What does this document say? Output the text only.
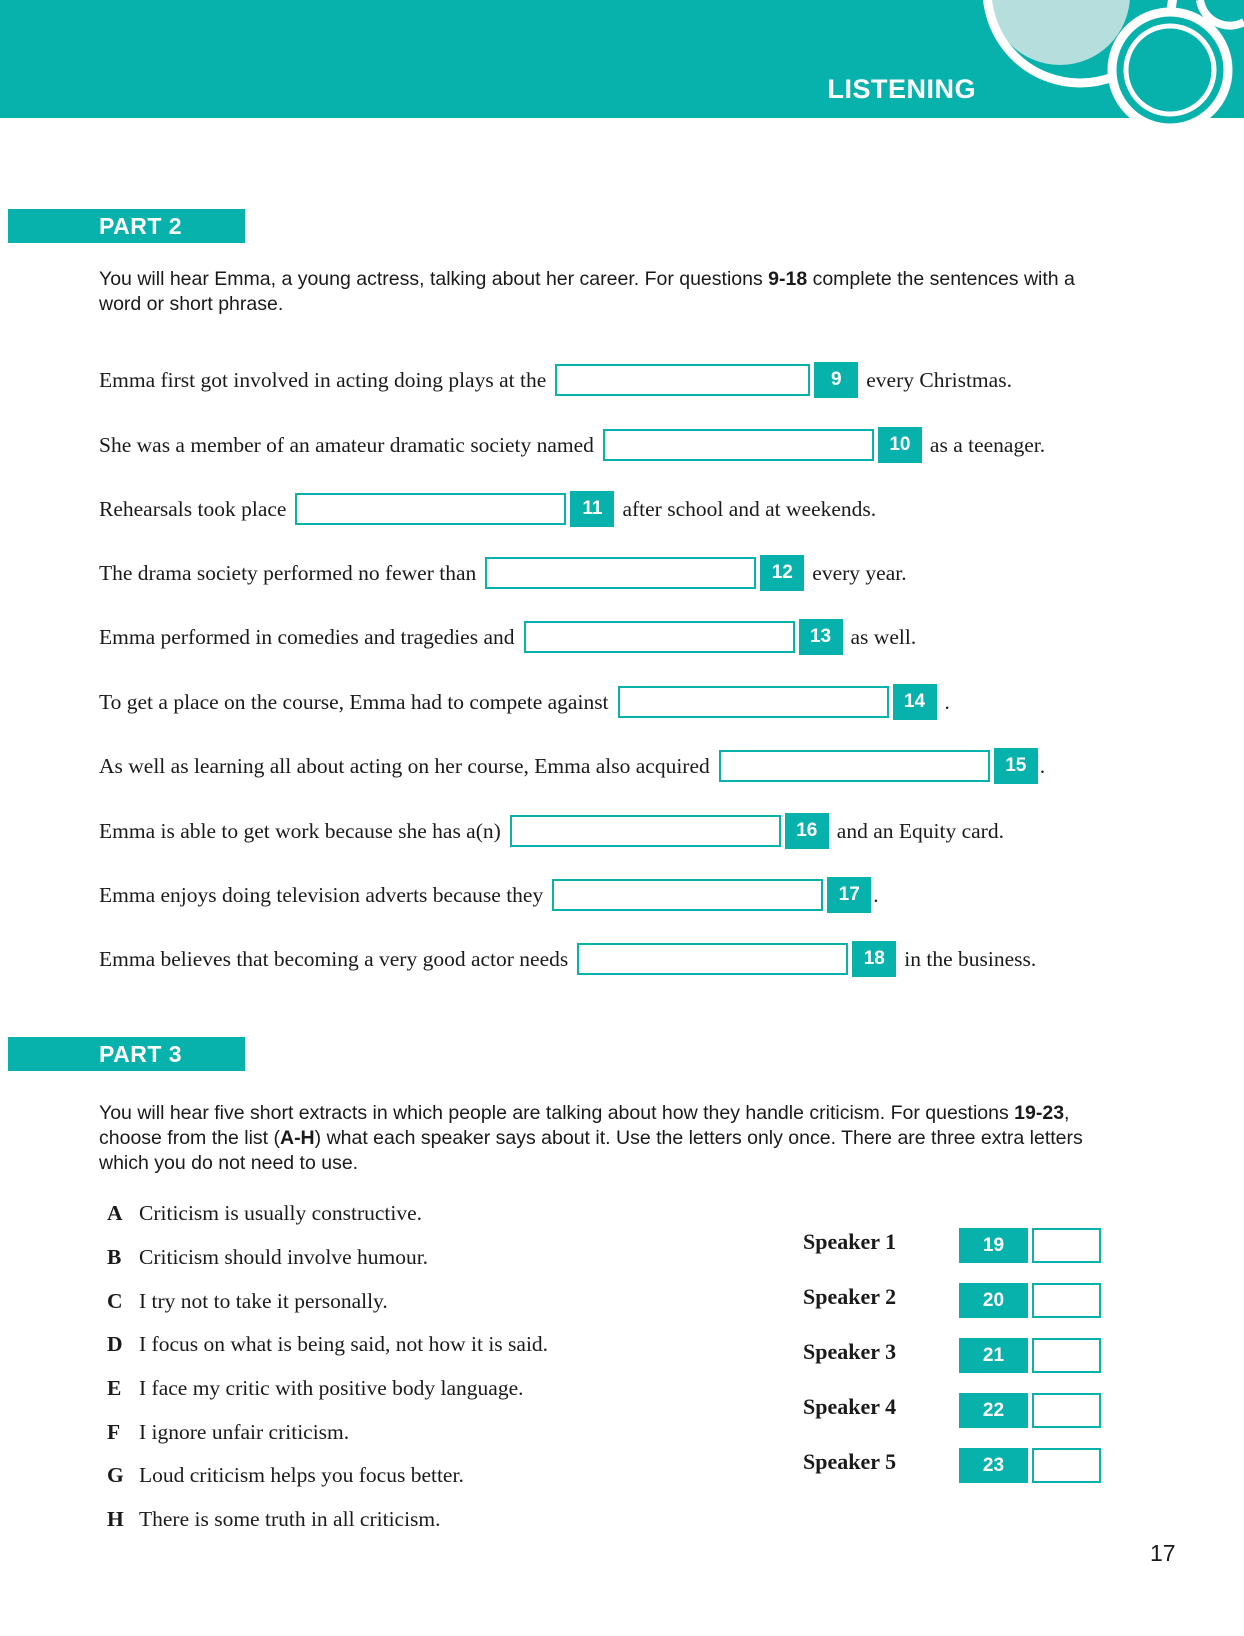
LISTENING
PART 2
You will hear Emma, a young actress, talking about her career. For questions 9-18 complete the sentences with a word or short phrase.
Emma first got involved in acting doing plays at the	9	every Christmas.
She was a member of an amateur dramatic society named	10 as a teenager.
Rehearsals took place	11 after school and at weekends.
The drama society performed no fewer than	12 every year.
Emma performed in comedies and tragedies and	13 as well.
To get a place on the course, Emma had to compete against	14 .
As well as learning all about acting on her course, Emma also acquired	15 .
Emma is able to get work because she has a(n)	16 and an Equity card.
Emma enjoys doing television adverts because they	17 .
Emma believes that becoming a very good actor needs	18 in the business.
PART 3
You will hear five short extracts in which people are talking about how they handle criticism. For questions 19-23, choose from the list (A-H) what each speaker says about it. Use the letters only once. There are three extra letters which you do not need to use.
A Criticism is usually constructive.
B Criticism should involve humour.
C I try not to take it personally.
D I focus on what is being said, not how it is said.
E I face my critic with positive body language.
F I ignore unfair criticism.
G Loud criticism helps you focus better.
H There is some truth in all criticism.
Speaker 1	19
Speaker 2	20
Speaker 3	21
Speaker 4	22
Speaker 5	23
17
